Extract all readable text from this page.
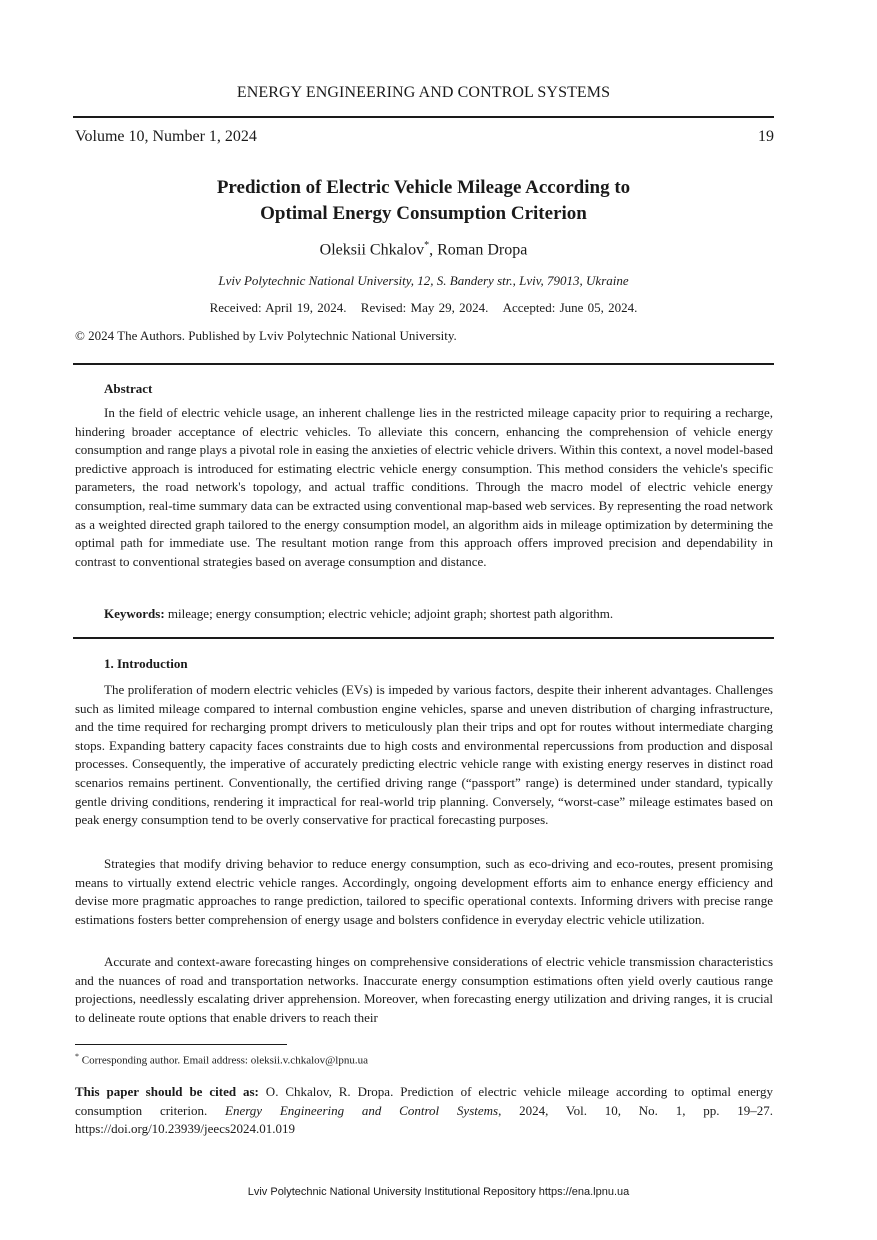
ENERGY ENGINEERING AND CONTROL SYSTEMS
Volume 10, Number 1, 2024	19
Prediction of Electric Vehicle Mileage According to
Optimal Energy Consumption Criterion
Oleksii Chkalov*, Roman Dropa
Lviv Polytechnic National University, 12, S. Bandery str., Lviv, 79013, Ukraine
Received: April 19, 2024. Revised: May 29, 2024. Accepted: June 05, 2024.
© 2024 The Authors. Published by Lviv Polytechnic National University.
Abstract

In the field of electric vehicle usage, an inherent challenge lies in the restricted mileage capacity prior to requiring a recharge, hindering broader acceptance of electric vehicles. To alleviate this concern, enhancing the comprehension of vehicle energy consumption and range plays a pivotal role in easing the anxieties of electric vehicle drivers. Within this context, a novel model-based predictive approach is introduced for estimating electric vehicle energy consumption. This method considers the vehicle's specific parameters, the road network's topology, and actual traffic conditions. Through the macro model of electric vehicle energy consumption, real-time summary data can be extracted using conventional map-based web services. By representing the road network as a weighted directed graph tailored to the energy consumption model, an algorithm aids in mileage optimization by determining the optimal path for immediate use. The resultant motion range from this approach offers improved precision and dependability in contrast to conventional strategies based on average consumption and distance.

Keywords: mileage; energy consumption; electric vehicle; adjoint graph; shortest path algorithm.
1. Introduction

The proliferation of modern electric vehicles (EVs) is impeded by various factors, despite their inherent advantages. Challenges such as limited mileage compared to internal combustion engine vehicles, sparse and uneven distribution of charging infrastructure, and the time required for recharging prompt drivers to meticulously plan their trips and opt for routes without intermediate charging stops. Expanding battery capacity faces constraints due to high costs and environmental repercussions from production and disposal processes. Consequently, the imperative of accurately predicting electric vehicle range with existing energy reserves in distinct road scenarios remains pertinent. Conventionally, the certified driving range (“passport” range) is determined under standard, typically gentle driving conditions, rendering it impractical for real-world trip planning. Conversely, “worst-case” mileage estimates based on peak energy consumption tend to be overly conservative for practical forecasting purposes.

Strategies that modify driving behavior to reduce energy consumption, such as eco-driving and eco-routes, present promising means to virtually extend electric vehicle ranges. Accordingly, ongoing development efforts aim to enhance energy efficiency and devise more pragmatic approaches to range prediction, tailored to specific operational contexts. Informing drivers with precise range estimations fosters better comprehension of energy usage and bolsters confidence in everyday electric vehicle utilization.

Accurate and context-aware forecasting hinges on comprehensive considerations of electric vehicle transmission characteristics and the nuances of road and transportation networks. Inaccurate energy consumption estimations often yield overly cautious range projections, needlessly escalating driver apprehension. Moreover, when forecasting energy utilization and driving ranges, it is crucial to delineate route options that enable drivers to reach their

* Corresponding author. Email address: oleksii.v.chkalov@lpnu.ua

This paper should be cited as: O. Chkalov, R. Dropa. Prediction of electric vehicle mileage according to optimal energy consumption criterion. Energy Engineering and Control Systems, 2024, Vol. 10, No. 1, pp. 19–27. https://doi.org/10.23939/jeecs2024.01.019

Lviv Polytechnic National University Institutional Repository https://ena.lpnu.ua
